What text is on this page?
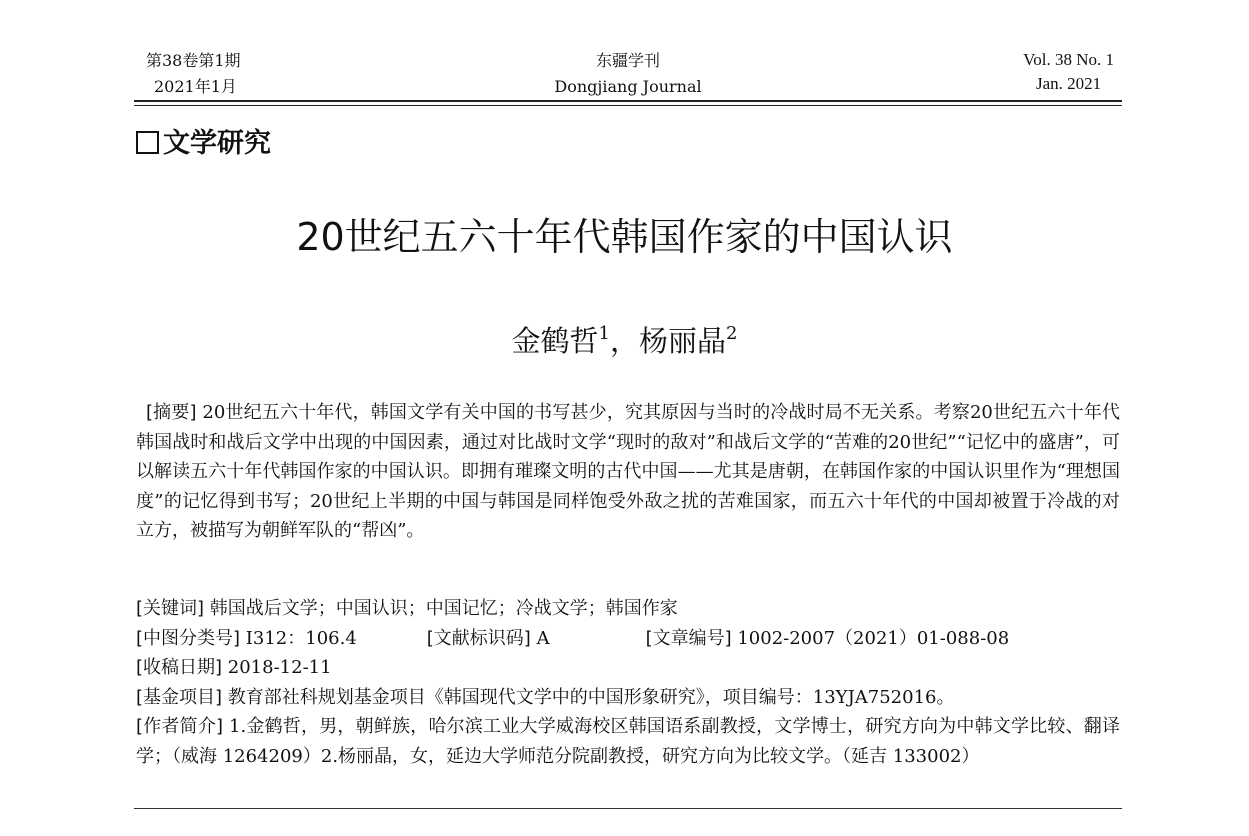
第38卷第1期
2021年1月
东疆学刊
Dongjiang Journal
Vol. 38 No. 1
Jan. 2021
文学研究
20世纪五六十年代韩国作家的中国认识
金鹤哲$^1$，杨丽晶$^2$

[摘要] 20世纪五六十年代，韩国文学有关中国的书写甚少，究其原因与当时的冷战时局不无关系。考察20世纪五六十年代韩国战时和战后文学中出现的中国因素，通过对比战时文学“现时的敌对”和战后文学的“苦难的20世纪”“记忆中的盛唐”，可以解读五六十年代韩国作家的中国认识。即拥有璀璨文明的古代中国——尤其是唐朝，在韩国作家的中国认识里作为“理想国度”的记忆得到书写；20世纪上半期的中国与韩国是同样饱受外敌之扰的苦难国家，而五六十年代的中国却被置于冷战的对立方，被描写为朝鲜军队的“帮凶”。

[关键词] 韩国战后文学；中国认识；中国记忆；冷战文学；韩国作家
[中图分类号] I312：106.4	[文献标识码] A	[文章编号] 1002-2007（2021）01-088-08
[收稿日期] 2018-12-11
[基金项目] 教育部社科规划基金项目《韩国现代文学中的中国形象研究》，项目编号：13YJA752016。
[作者简介] 1.金鹤哲，男，朝鲜族，哈尔滨工业大学威海校区韩国语系副教授，文学博士，研究方向为中韩文学比较、翻译学；（威海 1264209）2.杨丽晶，女，延边大学师范分院副教授，研究方向为比较文学。（延吉 133002）
